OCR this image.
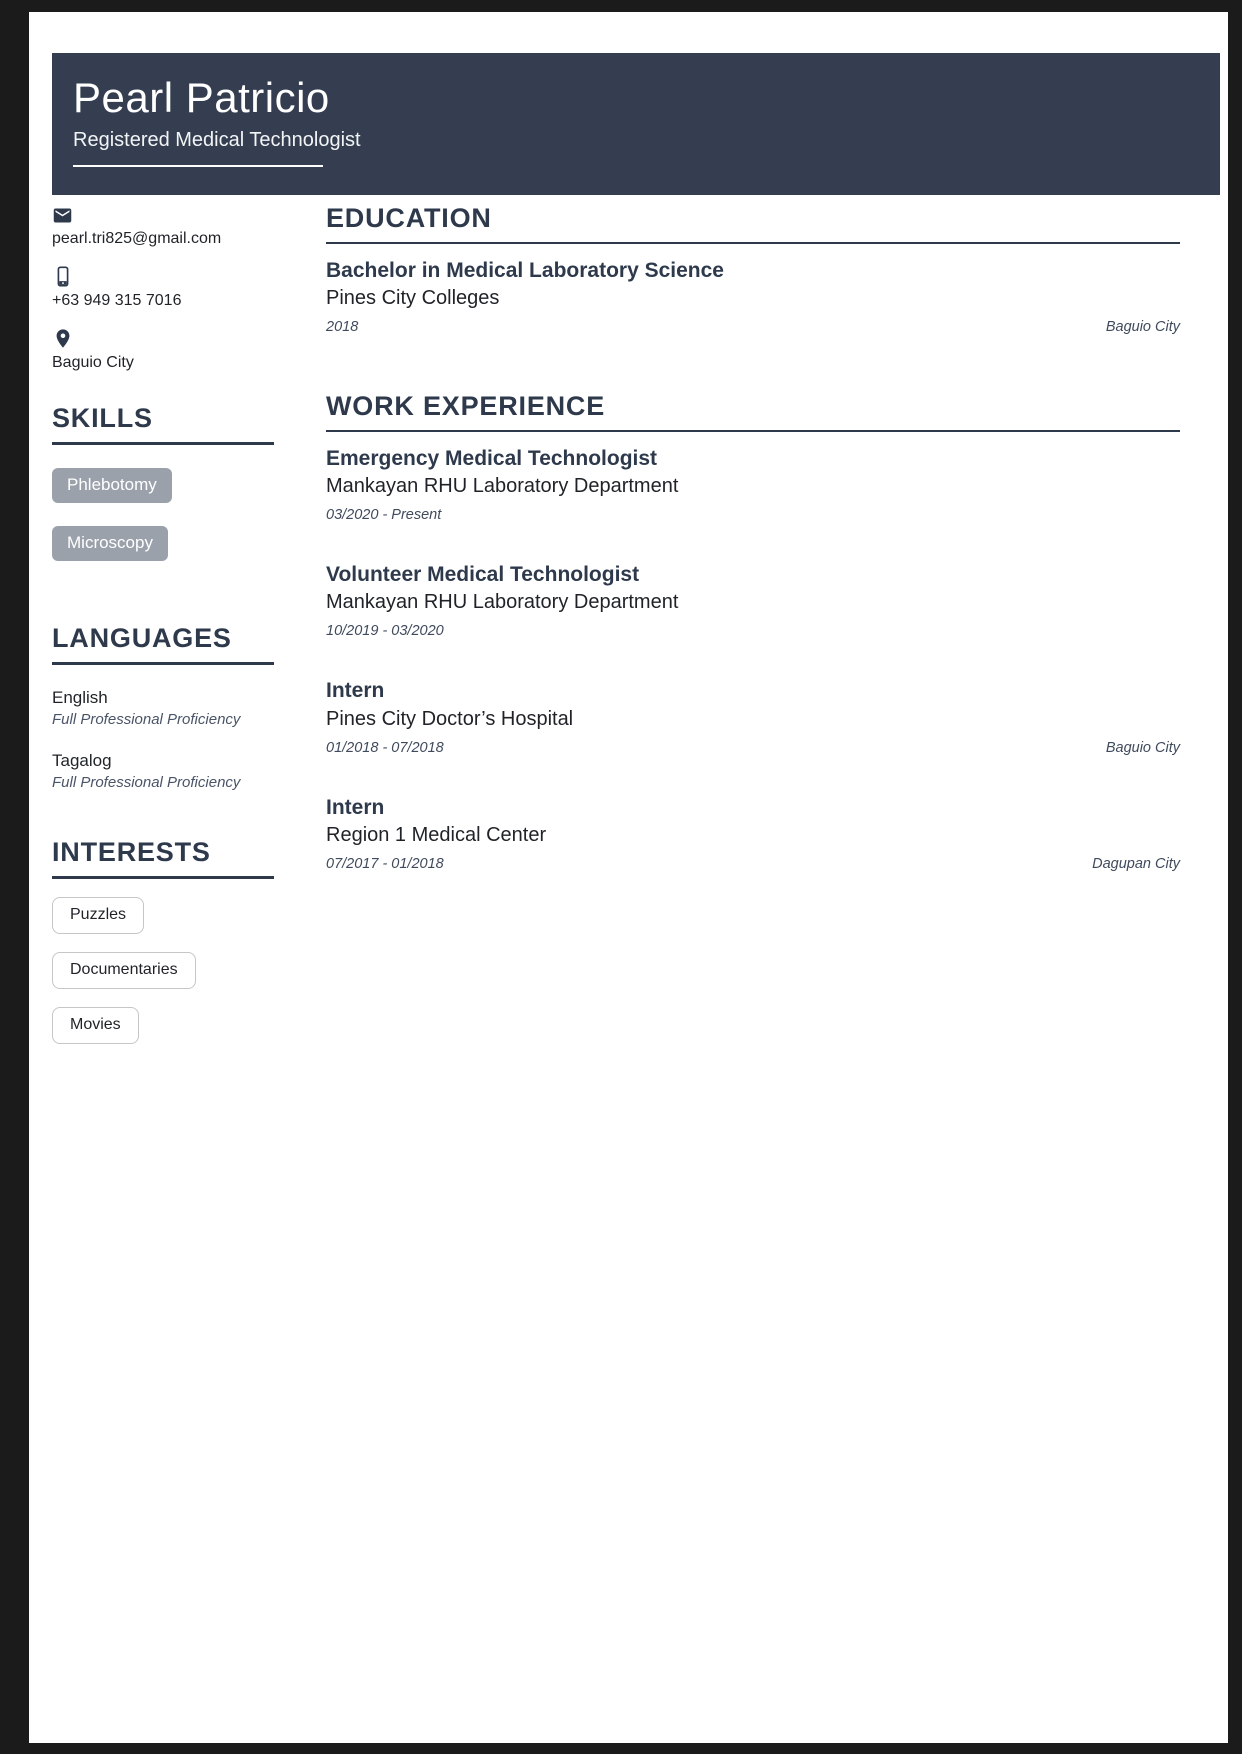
Pearl Patricio
Registered Medical Technologist
pearl.tri825@gmail.com
+63 949 315 7016
Baguio City
SKILLS
Phlebotomy
Microscopy
LANGUAGES
English
Full Professional Proficiency
Tagalog
Full Professional Proficiency
INTERESTS
Puzzles
Documentaries
Movies
EDUCATION
Bachelor in Medical Laboratory Science
Pines City Colleges
2018	Baguio City
WORK EXPERIENCE
Emergency Medical Technologist
Mankayan RHU Laboratory Department
03/2020 - Present
Volunteer Medical Technologist
Mankayan RHU Laboratory Department
10/2019 - 03/2020
Intern
Pines City Doctor’s Hospital
01/2018 - 07/2018	Baguio City
Intern
Region 1 Medical Center
07/2017 - 01/2018	Dagupan City
